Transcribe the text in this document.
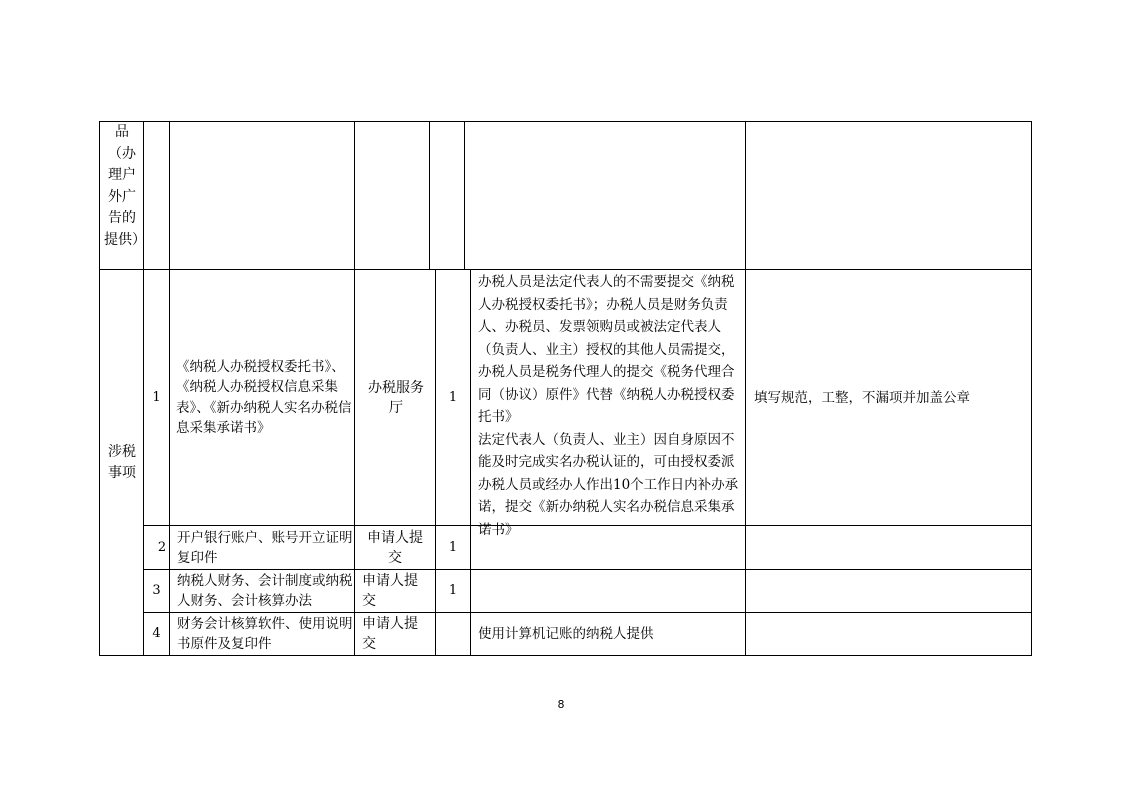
品（办理户外广告的提供）
涉税事项
1
《纳税人办税授权委托书》、《纳税人办税授权信息采集表》、《新办纳税人实名办税信息采集承诺书》
办税服务厅
1
办税人员是法定代表人的不需要提交《纳税人办税授权委托书》；办税人员是财务负责人、办税员、发票领购员或被法定代表人（负责人、业主）授权的其他人员需提交，办税人员是税务代理人的提交《税务代理合同（协议）原件》代替《纳税人办税授权委托书》
法定代表人（负责人、业主）因自身原因不能及时完成实名办税认证的，可由授权委派办税人员或经办人作出10个工作日内补办承诺，提交《新办纳税人实名办税信息采集承诺书》
填写规范，工整，不漏项并加盖公章
2
开户银行账户、账号开立证明复印件
申请人提交
1
3
纳税人财务、会计制度或纳税人财务、会计核算办法
申请人提交
1
4
财务会计核算软件、使用说明书原件及复印件
申请人提交
使用计算机记账的纳税人提供
8
